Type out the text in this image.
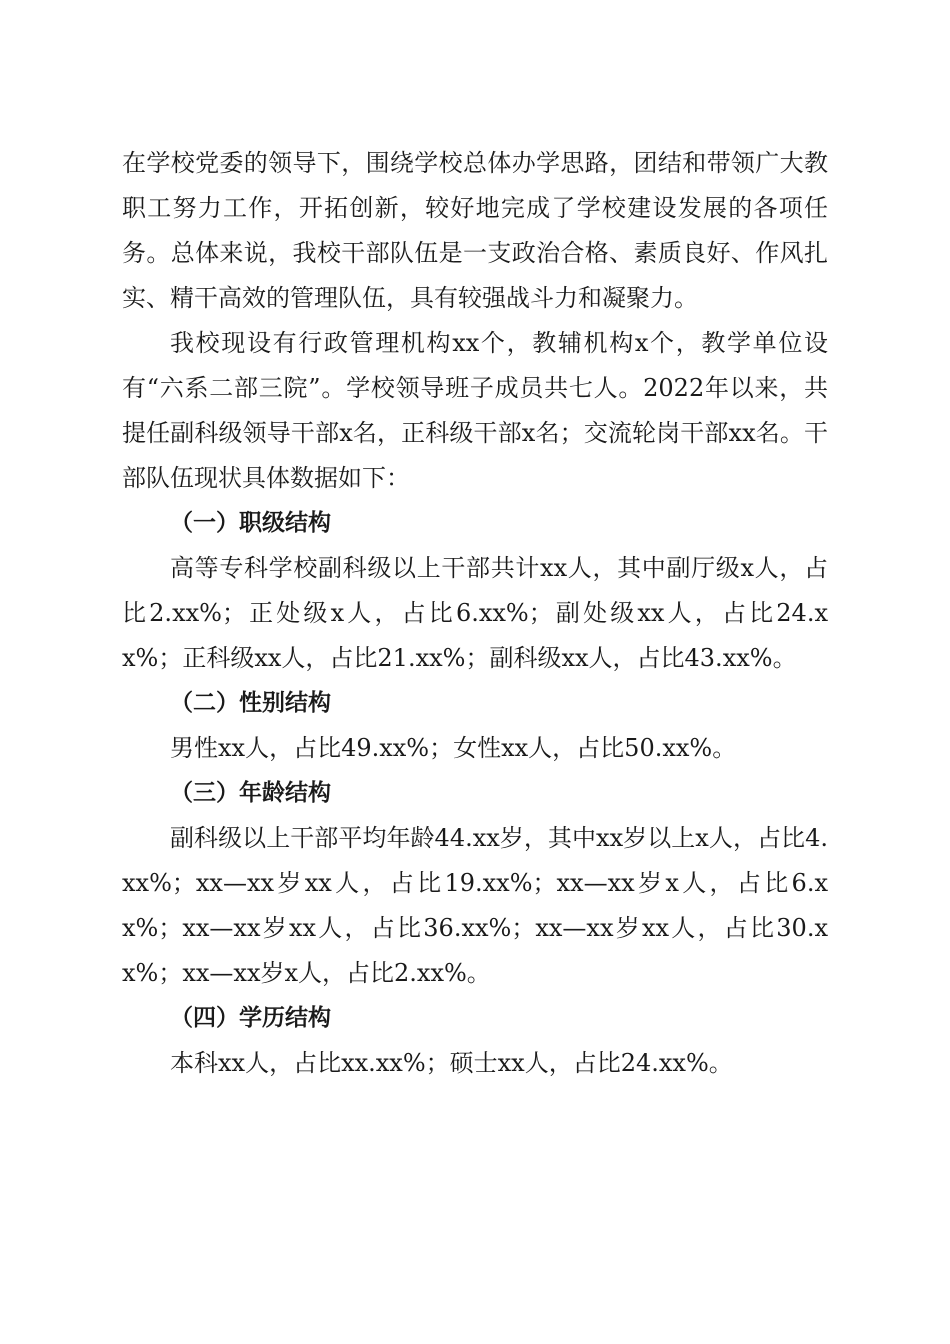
在学校党委的领导下，围绕学校总体办学思路，团结和带领广大教职工努力工作，开拓创新，较好地完成了学校建设发展的各项任务。总体来说，我校干部队伍是一支政治合格、素质良好、作风扎实、精干高效的管理队伍，具有较强战斗力和凝聚力。

我校现设有行政管理机构xx个，教辅机构x个，教学单位设有“六系二部三院”。学校领导班子成员共七人。2022年以来，共提任副科级领导干部x名，正科级干部x名；交流轮岗干部xx名。干部队伍现状具体数据如下：

（一）职级结构

高等专科学校副科级以上干部共计xx人，其中副厅级x人，占比2.xx%；正处级x人，占比6.xx%；副处级xx人，占比24.xx%；正科级xx人，占比21.xx%；副科级xx人，占比43.xx%。

（二）性别结构

男性xx人，占比49.xx%；女性xx人，占比50.xx%。

（三）年龄结构

副科级以上干部平均年龄44.xx岁，其中xx岁以上x人，占比4.xx%；xx—xx岁xx人，占比19.xx%；xx—xx岁x人，占比6.xx%；xx—xx岁xx人，占比36.xx%；xx—xx岁xx人，占比30.xx%；xx—xx岁x人，占比2.xx%。

（四）学历结构

本科xx人，占比xx.xx%；硕士xx人，占比24.xx%。
